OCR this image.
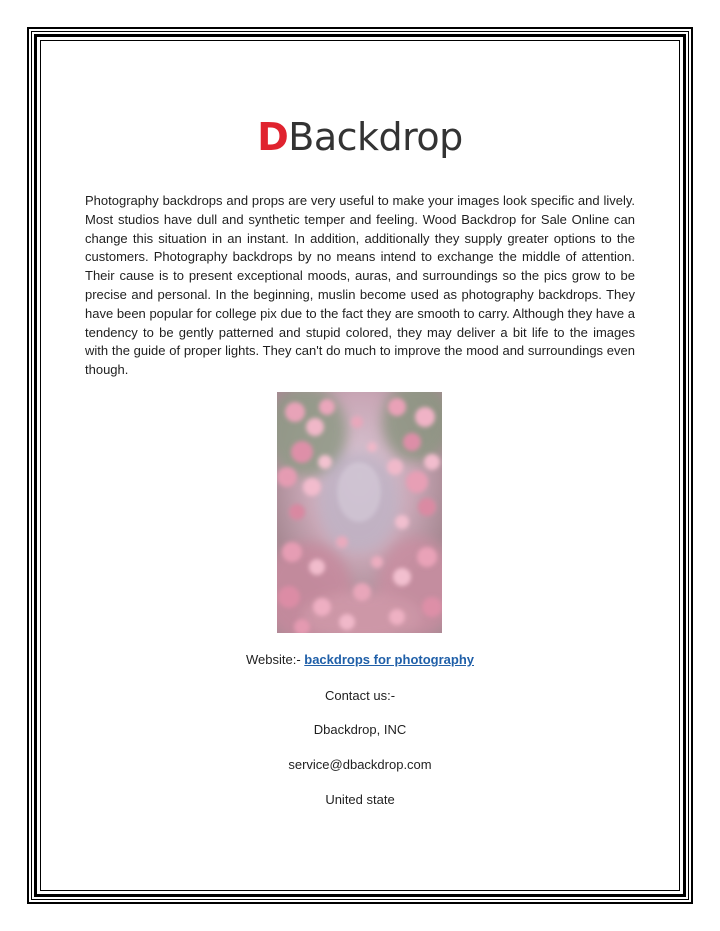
DBackdrop

Photography backdrops and props are very useful to make your images look specific and lively. Most studios have dull and synthetic temper and feeling. Wood Backdrop for Sale Online can change this situation in an instant. In addition, additionally they supply greater options to the customers. Photography backdrops by no means intend to exchange the middle of attention. Their cause is to present exceptional moods, auras, and surroundings so the pics grow to be precise and personal. In the beginning, muslin become used as photography backdrops. They have been popular for college pix due to the fact they are smooth to carry. Although they have a tendency to be gently patterned and stupid colored, they may deliver a bit life to the images with the guide of proper lights. They can't do much to improve the mood and surroundings even though.

Website:- backdrops for photography

Contact us:-

Dbackdrop, INC

service@dbackdrop.com

United state
